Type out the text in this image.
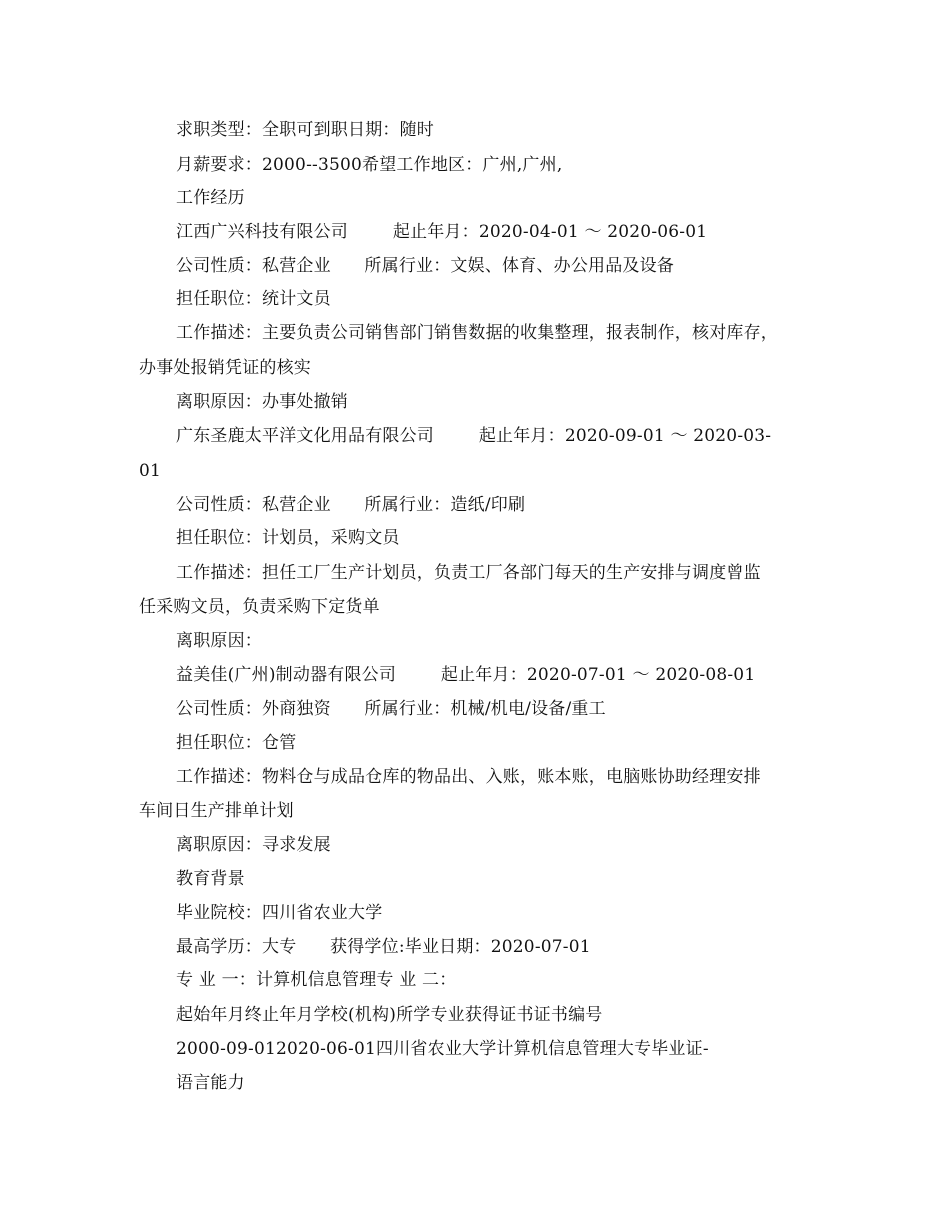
求职类型：全职可到职日期：随时
月薪要求：2000--3500希望工作地区：广州,广州,
工作经历
江西广兴科技有限公司        起止年月：2020-04-01 ～ 2020-06-01
公司性质：私营企业      所属行业：文娱、体育、办公用品及设备
担任职位：统计文员
工作描述：主要负责公司销售部门销售数据的收集整理，报表制作，核对库存，
办事处报销凭证的核实
离职原因：办事处撤销
广东圣鹿太平洋文化用品有限公司        起止年月：2020-09-01 ～ 2020-03-
01
公司性质：私营企业      所属行业：造纸/印刷
担任职位：计划员，采购文员
工作描述：担任工厂生产计划员，负责工厂各部门每天的生产安排与调度曾监
任采购文员，负责采购下定货单
离职原因：
益美佳(广州)制动器有限公司        起止年月：2020-07-01 ～ 2020-08-01
公司性质：外商独资      所属行业：机械/机电/设备/重工
担任职位：仓管
工作描述：物料仓与成品仓库的物品出、入账，账本账，电脑账协助经理安排
车间日生产排单计划
离职原因：寻求发展
教育背景
毕业院校：四川省农业大学
最高学历：大专      获得学位:毕业日期：2020-07-01
专 业 一：计算机信息管理专 业 二：
起始年月终止年月学校(机构)所学专业获得证书证书编号
2000-09-012020-06-01四川省农业大学计算机信息管理大专毕业证-
语言能力
